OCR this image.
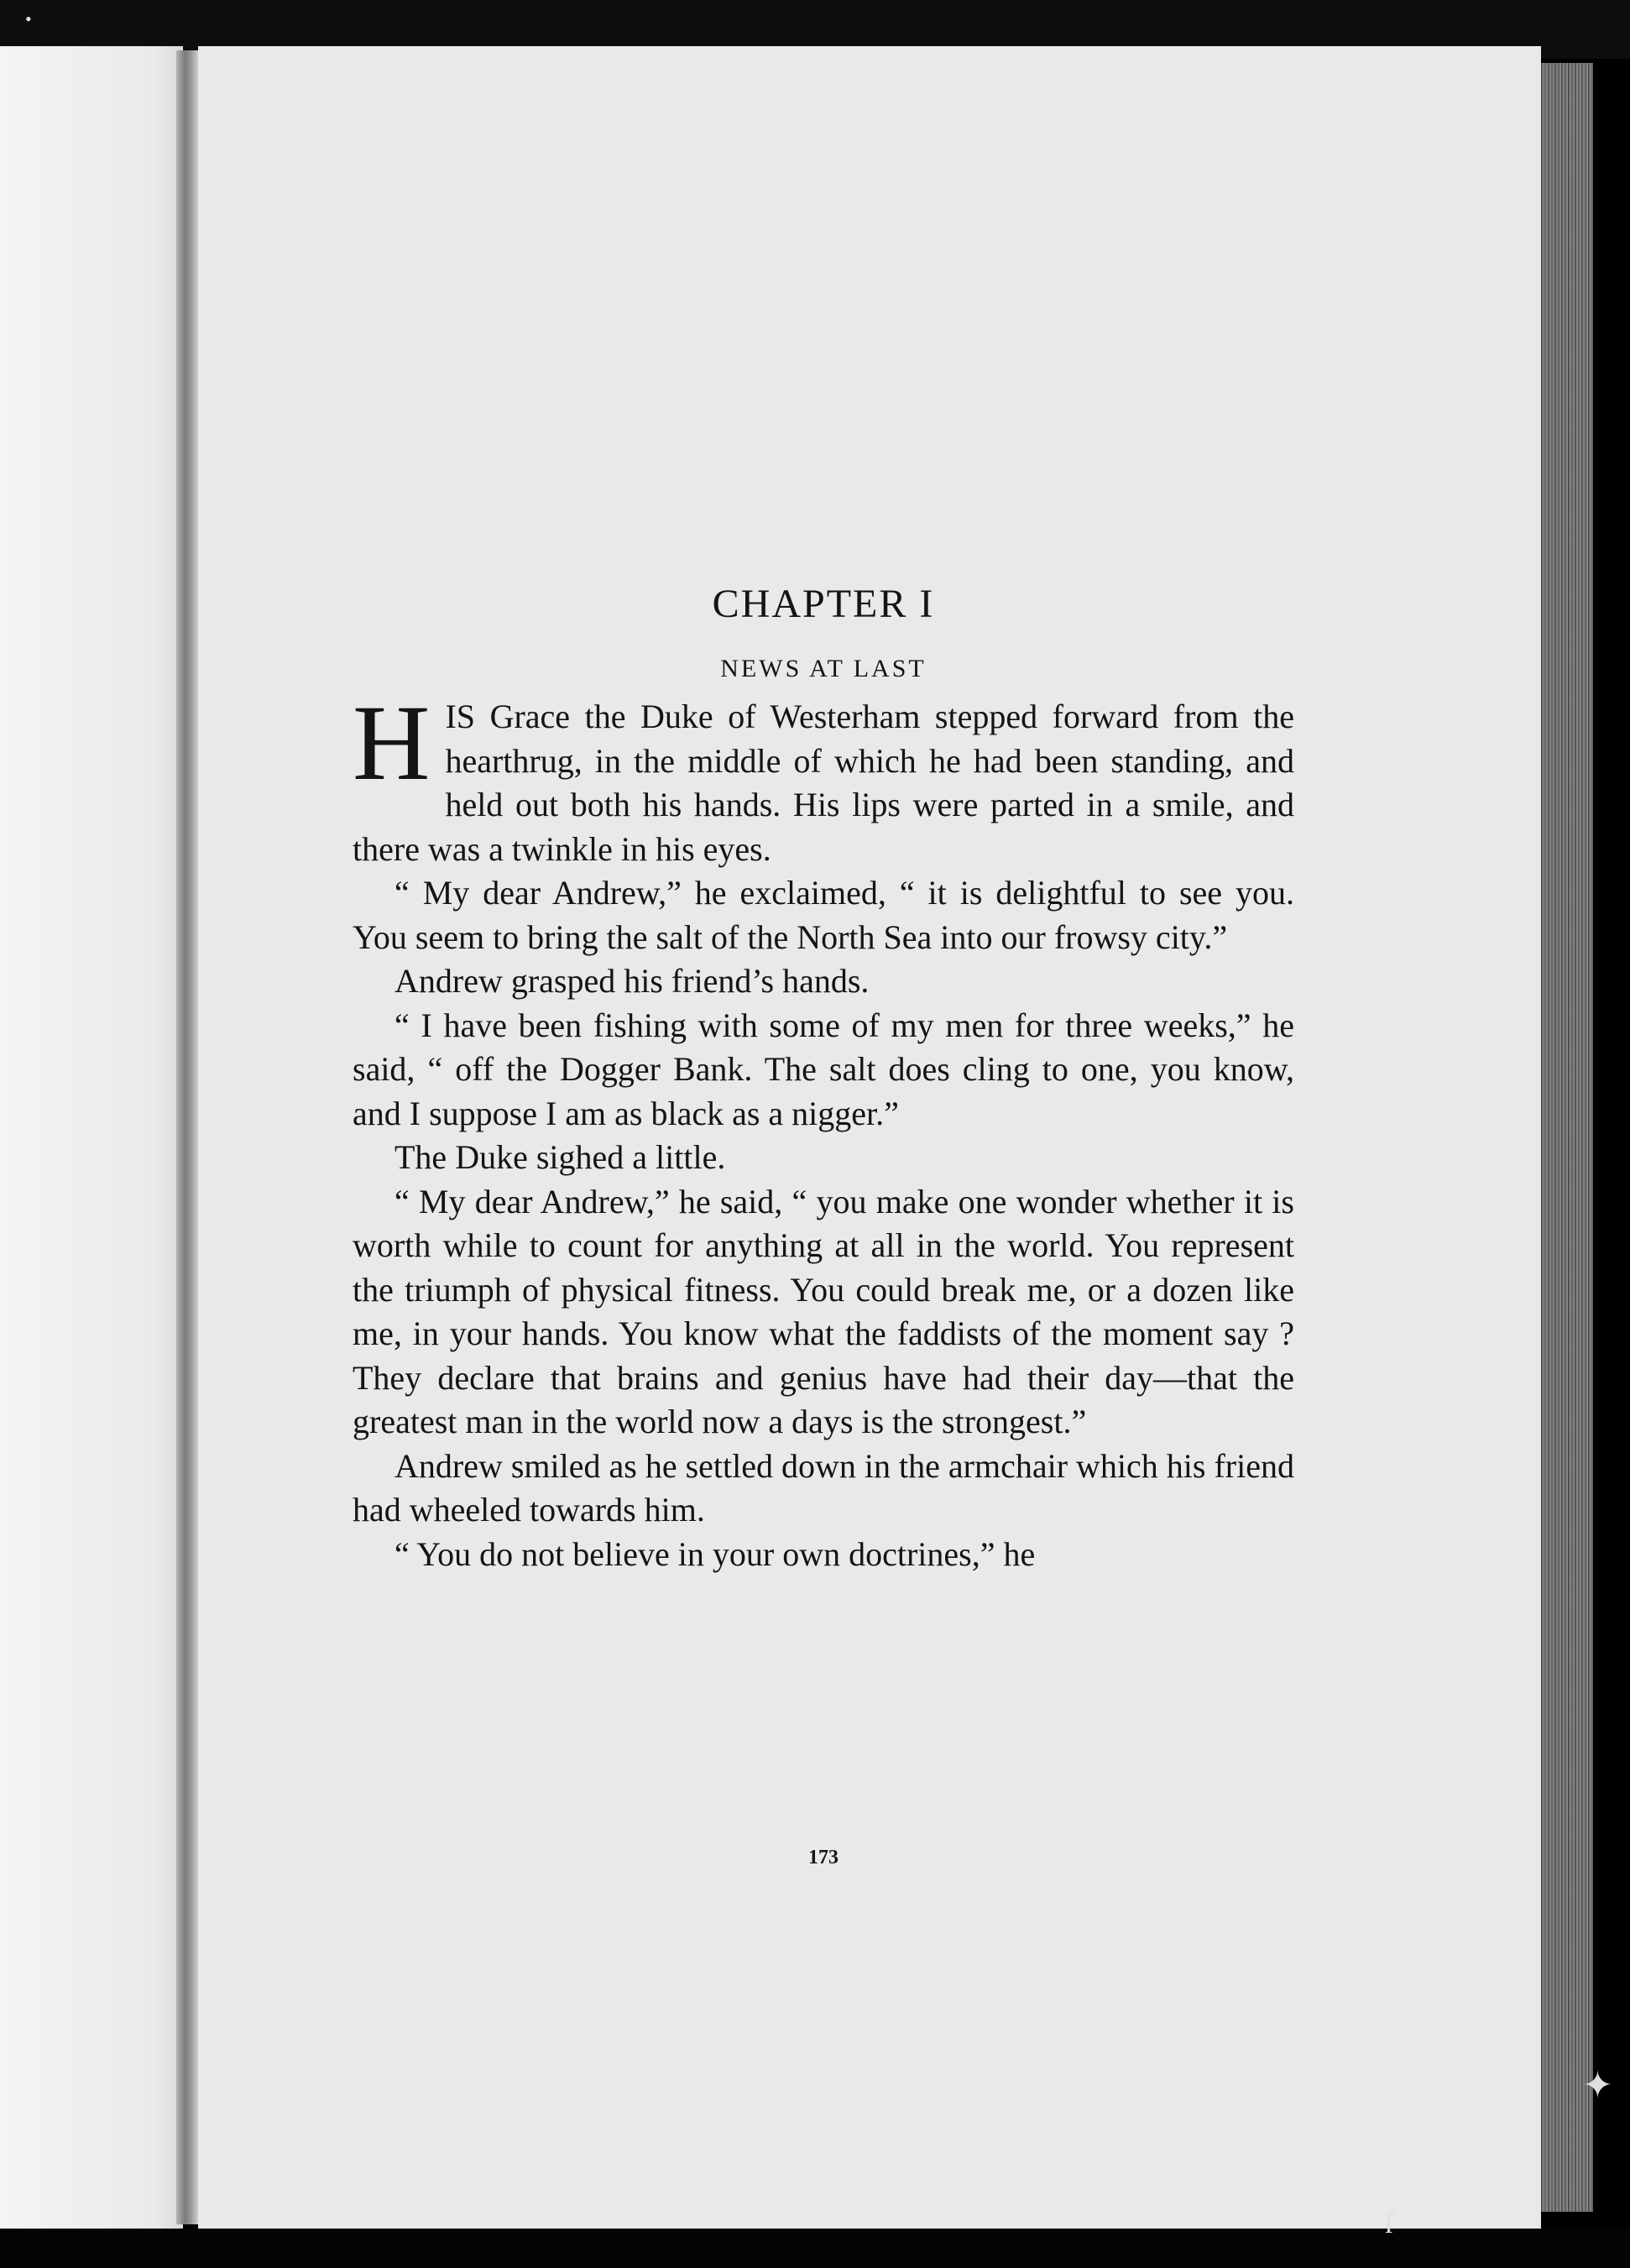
•
✦
ſ
CHAPTER I
NEWS AT LAST

HIS Grace the Duke of Westerham stepped forward from the hearthrug, in the middle of which he had been standing, and held out both his hands. His lips were parted in a smile, and there was a twinkle in his eyes.

“ My dear Andrew,” he exclaimed, “ it is delightful to see you. You seem to bring the salt of the North Sea into our frowsy city.”

Andrew grasped his friend’s hands.

“ I have been fishing with some of my men for three weeks,” he said, “ off the Dogger Bank. The salt does cling to one, you know, and I suppose I am as black as a nigger.”

The Duke sighed a little.

“ My dear Andrew,” he said, “ you make one wonder whether it is worth while to count for anything at all in the world. You represent the triumph of physical fitness. You could break me, or a dozen like me, in your hands. You know what the faddists of the moment say ? They declare that brains and genius have had their day—that the greatest man in the world now a days is the strongest.”

Andrew smiled as he settled down in the armchair which his friend had wheeled towards him.

“ You do not believe in your own doctrines,” he

173
